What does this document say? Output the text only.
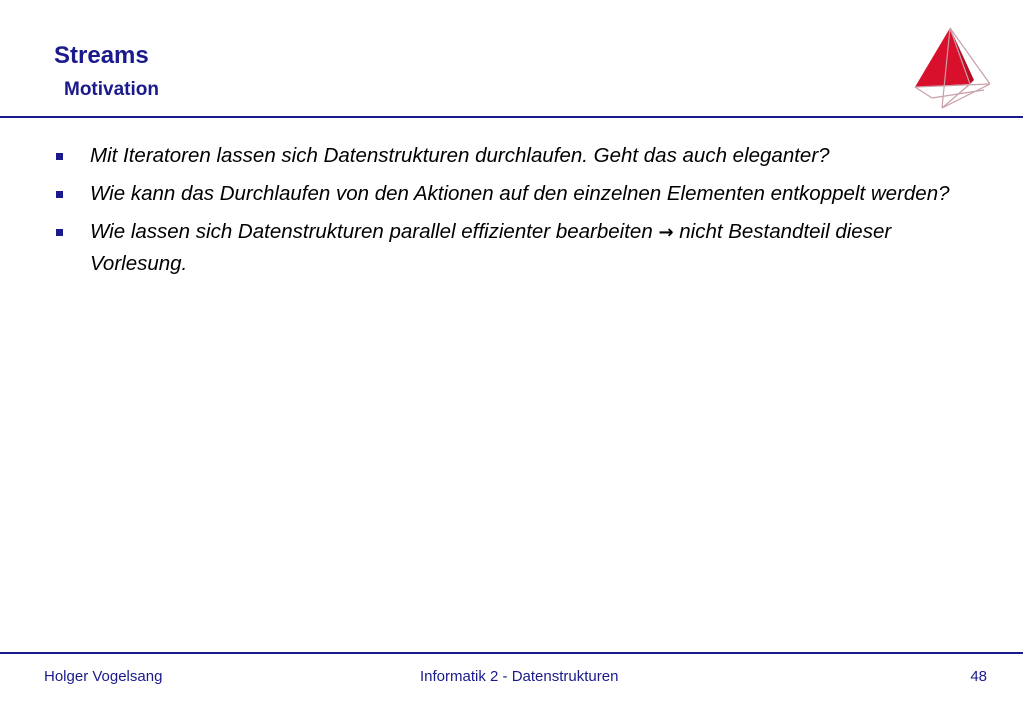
Streams
Motivation
Mit Iteratoren lassen sich Datenstrukturen durchlaufen. Geht das auch eleganter?
Wie kann das Durchlaufen von den Aktionen auf den einzelnen Elementen entkoppelt werden?
Wie lassen sich Datenstrukturen parallel effizienter bearbeiten → nicht Bestandteil dieser Vorlesung.
Holger Vogelsang	Informatik 2 - Datenstrukturen	48
